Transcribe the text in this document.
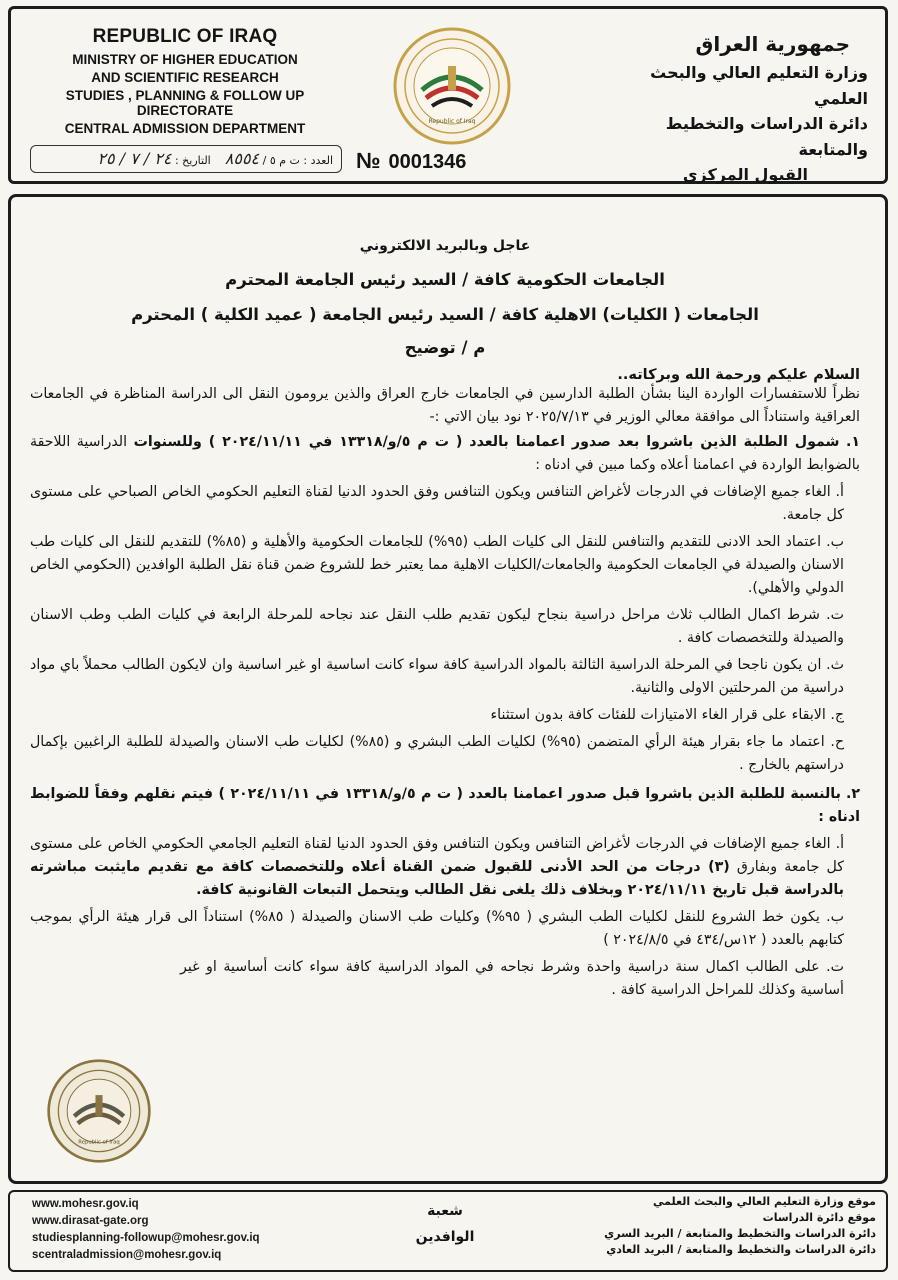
REPUBLIC OF IRAQ
MINISTRY OF HIGHER EDUCATION
AND SCIENTIFIC RESEARCH
STUDIES , PLANNING & FOLLOW UP DIRECTORATE
CENTRAL ADMISSION DEPARTMENT
جمهورية العراق
وزارة التعليم العالي والبحث العلمي
دائرة الدراسات والتخطيط والمتابعة
القبول المركزي
Republic of Iraq
العدد : ت م ٥ / ٨٥٥٤    التاريخ : ٢٤ / ٧ / ٢٥	№ 0001346
عاجل وبالبريد الالكتروني
الجامعات الحكومية كافة / السيد رئيس الجامعة المحترم
الجامعات ( الكليات) الاهلية كافة / السيد رئيس الجامعة ( عميد الكلية ) المحترم
م / توضيح
السلام عليكم ورحمة الله وبركاته..
نظراً للاستفسارات الواردة الينا بشأن الطلبة الدارسين في الجامعات خارج العراق والذين يرومون النقل الى الدراسة المناظرة في الجامعات العراقية واستناداً الى موافقة معالي الوزير في ٢٠٢٥/٧/١٣ نود بيان الاتي :-
١. شمول الطلبة الذين باشروا بعد صدور اعمامنا بالعدد ( ت م ٥/و/١٣٣١٨ في ٢٠٢٤/١١/١١ ) وللسنوات الدراسية اللاحقة بالضوابط الواردة في اعمامنا أعلاه وكما مبين في ادناه :
أ. الغاء جميع الإضافات في الدرجات لأغراض التنافس ويكون التنافس وفق الحدود الدنيا لقناة التعليم الحكومي الخاص الصباحي على مستوى كل جامعة.
ب. اعتماد الحد الادنى للتقديم والتنافس للنقل الى كليات الطب (٩٥%) للجامعات الحكومية والأهلية و (٨٥%) للتقديم للنقل الى كليات طب الاسنان والصيدلة في الجامعات الحكومية والجامعات/الكليات الاهلية مما يعتبر خط للشروع ضمن قناة نقل الطلبة الوافدين (الحكومي الخاص الدولي والأهلي).
ت. شرط اكمال الطالب ثلاث مراحل دراسية بنجاح ليكون تقديم طلب النقل عند نجاحه للمرحلة الرابعة في كليات الطب وطب الاسنان والصيدلة وللتخصصات كافة .
ث. ان يكون ناجحا في المرحلة الدراسية الثالثة بالمواد الدراسية كافة سواء كانت اساسية او غير اساسية وان لايكون الطالب محملاً باي مواد دراسية من المرحلتين الاولى والثانية.
ج. الابقاء على قرار الغاء الامتيازات للفئات كافة بدون استثناء
ح. اعتماد ما جاء بقرار هيئة الرأي المتضمن (٩٥%) لكليات الطب البشري و (٨٥%) لكليات طب الاسنان والصيدلة للطلبة الراغبين بإكمال دراستهم بالخارج .
٢. بالنسبة للطلبة الذين باشروا قبل صدور اعمامنا بالعدد ( ت م ٥/و/١٣٣١٨ في ٢٠٢٤/١١/١١ ) فيتم نقلهم وفقاً للضوابط ادناه :
أ. الغاء جميع الإضافات في الدرجات لأغراض التنافس ويكون التنافس وفق الحدود الدنيا لقناة التعليم الجامعي الحكومي الخاص على مستوى كل جامعة وبفارق (٣) درجات من الحد الأدنى للقبول ضمن القناة أعلاه وللتخصصات كافة مع تقديم مايثبت مباشرته بالدراسة قبل تاريخ ٢٠٢٤/١١/١١ وبخلاف ذلك يلغى نقل الطالب ويتحمل التبعات القانونية كافة.
ب. يكون خط الشروع للنقل لكليات الطب البشري ( ٩٥%) وكليات طب الاسنان والصيدلة ( ٨٥%) استناداً الى قرار هيئة الرأي بموجب كتابهم بالعدد ( ١٢س/٤٣٤ في ٢٠٢٤/٨/٥ )
ت. على الطالب اكمال سنة دراسية واحدة وشرط نجاحه في المواد الدراسية كافة سواء كانت أساسية او غير أساسية وكذلك للمراحل الدراسية كافة .
Republic of Iraq
www.mohesr.gov.iq
www.dirasat-gate.org
studiesplanning-followup@mohesr.gov.iq
scentraladmission@mohesr.gov.iq
شعبة
الوافدين
موقع وزارة التعليم العالي والبحث العلمي
موقع دائرة الدراسات
دائرة الدراسات والتخطيط والمتابعة / البريد السري
دائرة الدراسات والتخطيط والمتابعة / البريد العادي
